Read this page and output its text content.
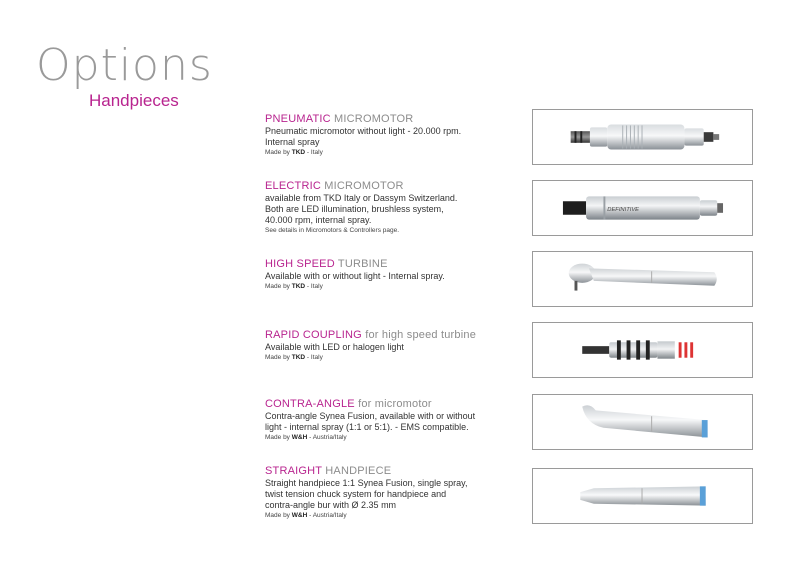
Options
Handpieces
PNEUMATIC MICROMOTOR
Pneumatic micromotor without light - 20.000 rpm.
Internal spray
Made by TKD - Italy
ELECTRIC MICROMOTOR
available from TKD Italy or Dassym Switzerland.
Both are LED illumination, brushless system,
40.000 rpm, internal spray.
See details in Micromotors & Controllers page.
DEFINITIVE
HIGH SPEED TURBINE
Available with or without light - Internal spray.
Made by TKD - Italy
RAPID COUPLING for high speed turbine
Available with LED or halogen light
Made by TKD - Italy
CONTRA-ANGLE for micromotor
Contra-angle Synea Fusion, available with or without
light - internal spray (1:1 or 5:1). - EMS compatible.
Made by W&H - Austria/Italy
STRAIGHT HANDPIECE
Straight handpiece 1:1 Synea Fusion, single spray,
twist tension chuck system for handpiece and
contra-angle bur with Ø 2.35 mm
Made by W&H - Austria/Italy
